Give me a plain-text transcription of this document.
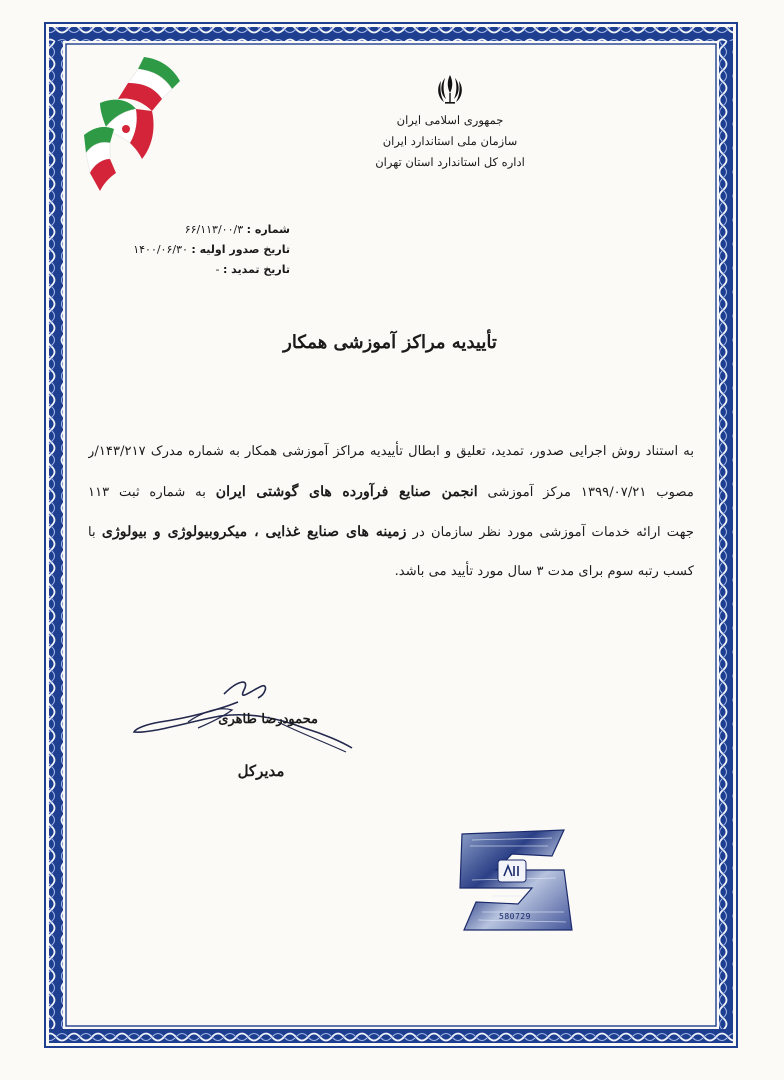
جمهوری اسلامی ایران
سازمان ملی استاندارد ایران
اداره کل استاندارد استان تهران
شماره : ۶۶/۱۱۳/۰۰/۳
تاریخ صدور اولیه : ۱۴۰۰/۰۶/۳۰
تاریخ تمدید : -
تأییدیه مراکز آموزشی همکار

به استناد روش اجرایی صدور، تمدید، تعلیق و ابطال تأییدیه مراکز آموزشی همکار به شماره مدرک ۱۴۳/۲۱۷/ر

مصوب ۱۳۹۹/۰۷/۲۱ مرکز آموزشی انجمن صنایع فرآورده های گوشتی ایران به شماره ثبت ۱۱۳

جهت ارائه خدمات آموزشی مورد نظر سازمان در زمینه های صنایع غذایی ، میکروبیولوژی و بیولوژی با

کسب رتبه سوم برای مدت ۳ سال مورد تأیید می باشد.

محمودرضا طاهری
مدیرکل
580729
